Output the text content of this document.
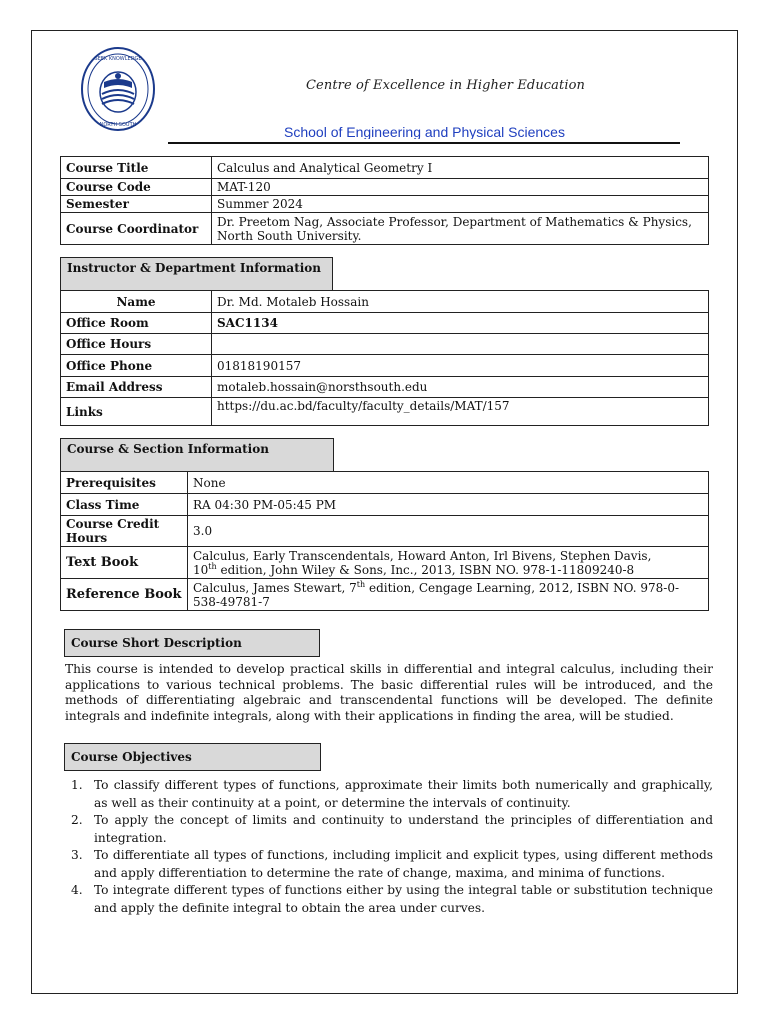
SEEK KNOWLEDGE
NORTH SOUTH
Centre of Excellence in Higher Education
School of Engineering and Physical Sciences
Course Title	Calculus and Analytical Geometry I
Course Code	MAT-120
Semester	Summer 2024
Course Coordinator	Dr. Preetom Nag, Associate Professor, Department of Mathematics & Physics, North South University.
Instructor & Department Information
Name	Dr. Md. Motaleb Hossain
Office Room	SAC1134
Office Hours	
Office Phone	01818190157
Email Address	motaleb.hossain@norsthsouth.edu
Links	https://du.ac.bd/faculty/faculty_details/MAT/157
Course & Section Information
Prerequisites	None
Class Time	RA 04:30 PM-05:45 PM
Course Credit Hours	3.0
Text Book	Calculus, Early Transcendentals, Howard Anton, Irl Bivens, Stephen Davis,
10th edition, John Wiley & Sons, Inc., 2013, ISBN NO. 978-1-11809240-8
Reference Book	Calculus, James Stewart, 7th edition, Cengage Learning, 2012, ISBN NO. 978-0-538-49781-7
Course Short Description

This course is intended to develop practical skills in differential and integral calculus, including their applications to various technical problems. The basic differential rules will be introduced, and the methods of differentiating algebraic and transcendental functions will be developed. The definite integrals and indefinite integrals, along with their applications in finding the area, will be studied.

Course Objectives
1. To classify different types of functions, approximate their limits both numerically and graphically, as well as their continuity at a point, or determine the intervals of continuity.
2. To apply the concept of limits and continuity to understand the principles of differentiation and integration.
3. To differentiate all types of functions, including implicit and explicit types, using different methods and apply differentiation to determine the rate of change, maxima, and minima of functions.
4. To integrate different types of functions either by using the integral table or substitution technique and apply the definite integral to obtain the area under curves.
